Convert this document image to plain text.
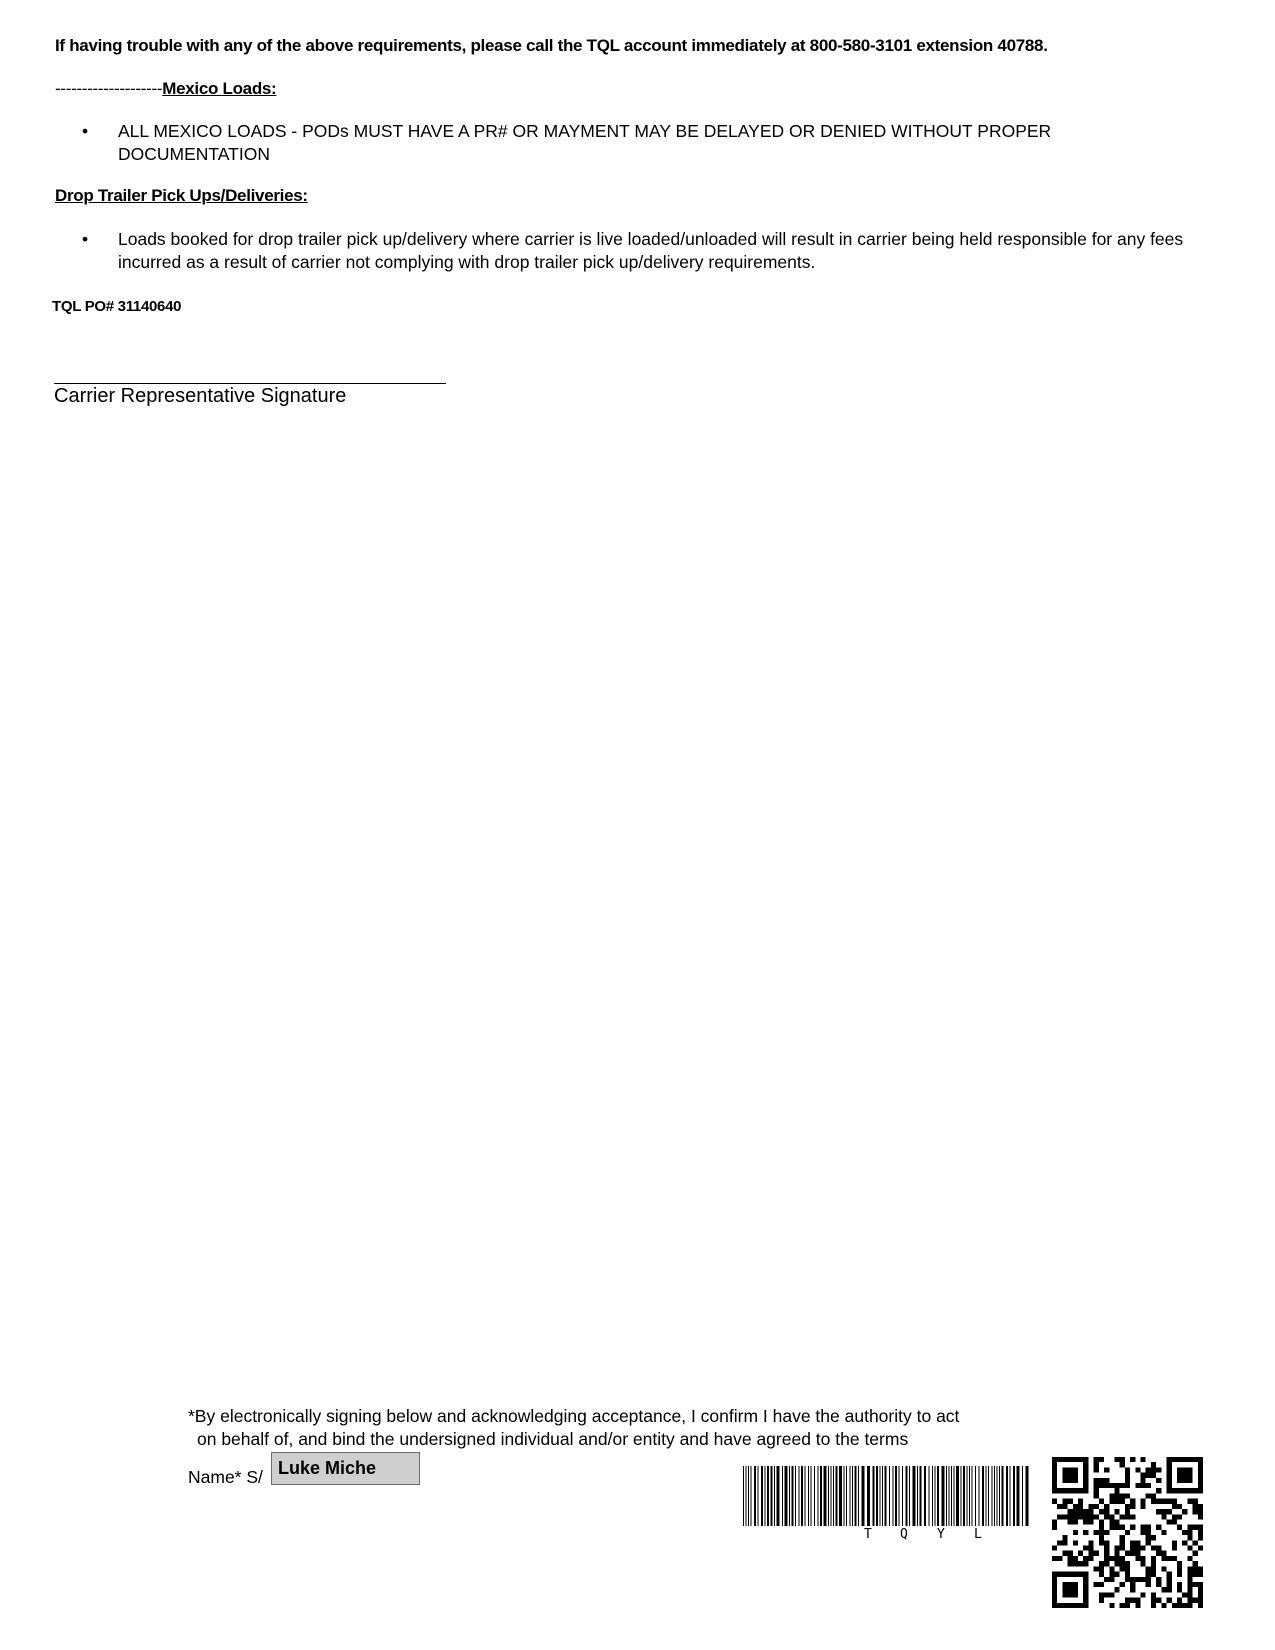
If having trouble with any of the above requirements, please call the TQL account immediately at 800-580-3101 extension 40788.
--------------------Mexico Loads:
•	ALL MEXICO LOADS - PODs MUST HAVE A PR# OR MAYMENT MAY BE DELAYED OR DENIED WITHOUT PROPER DOCUMENTATION
Drop Trailer Pick Ups/Deliveries:
•	Loads booked for drop trailer pick up/delivery where carrier is live loaded/unloaded will result in carrier being held responsible for any fees incurred as a result of carrier not complying with drop trailer pick up/delivery requirements.
TQL PO# 31140640
Carrier Representative Signature
*By electronically signing below and acknowledging acceptance, I confirm I have the authority to act
on behalf of, and bind the undersigned individual and/or entity and have agreed to the terms
Name* S/ Luke Miche
T Q Y L
